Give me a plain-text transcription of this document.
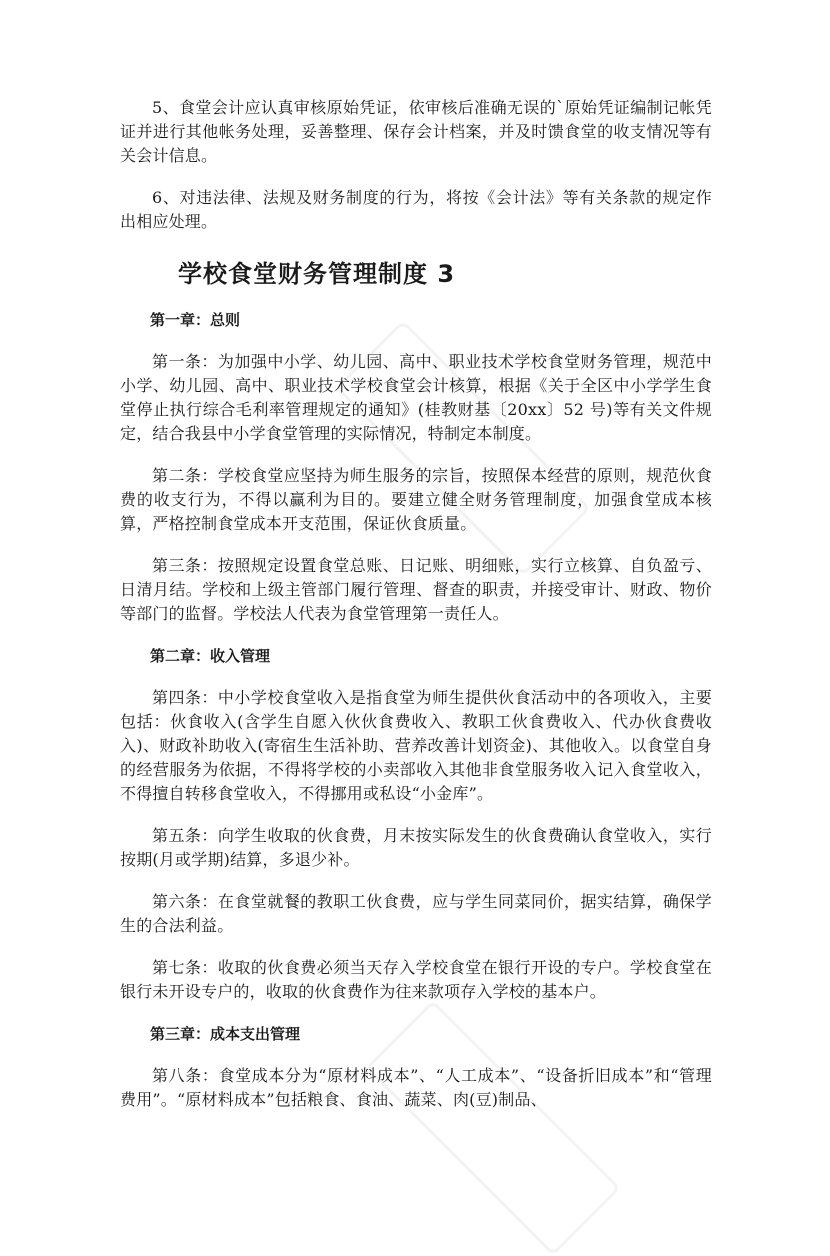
5、食堂会计应认真审核原始凭证，依审核后准确无误的`原始凭证编制记帐凭证并进行其他帐务处理，妥善整理、保存会计档案，并及时馈食堂的收支情况等有关会计信息。

6、对违法律、法规及财务制度的行为，将按《会计法》等有关条款的规定作出相应处理。

学校食堂财务管理制度 3
第一章：总则

第一条：为加强中小学、幼儿园、高中、职业技术学校食堂财务管理，规范中小学、幼儿园、高中、职业技术学校食堂会计核算，根据《关于全区中小学学生食堂停止执行综合毛利率管理规定的通知》(桂教财基〔20xx〕52 号)等有关文件规定，结合我县中小学食堂管理的实际情况，特制定本制度。

第二条：学校食堂应坚持为师生服务的宗旨，按照保本经营的原则，规范伙食费的收支行为，不得以赢利为目的。要建立健全财务管理制度，加强食堂成本核算，严格控制食堂成本开支范围，保证伙食质量。

第三条：按照规定设置食堂总账、日记账、明细账，实行立核算、自负盈亏、日清月结。学校和上级主管部门履行管理、督查的职责，并接受审计、财政、物价等部门的监督。学校法人代表为食堂管理第一责任人。

第二章：收入管理

第四条：中小学校食堂收入是指食堂为师生提供伙食活动中的各项收入，主要包括：伙食收入(含学生自愿入伙伙食费收入、教职工伙食费收入、代办伙食费收入)、财政补助收入(寄宿生生活补助、营养改善计划资金)、其他收入。以食堂自身的经营服务为依据，不得将学校的小卖部收入其他非食堂服务收入记入食堂收入，不得擅自转移食堂收入，不得挪用或私设“小金库”。

第五条：向学生收取的伙食费，月末按实际发生的伙食费确认食堂收入，实行按期(月或学期)结算，多退少补。

第六条：在食堂就餐的教职工伙食费，应与学生同菜同价，据实结算，确保学生的合法利益。

第七条：收取的伙食费必须当天存入学校食堂在银行开设的专户。学校食堂在银行未开设专户的，收取的伙食费作为往来款项存入学校的基本户。

第三章：成本支出管理

第八条：食堂成本分为“原材料成本”、“人工成本”、“设备折旧成本”和“管理费用”。“原材料成本”包括粮食、食油、蔬菜、肉(豆)制品、
